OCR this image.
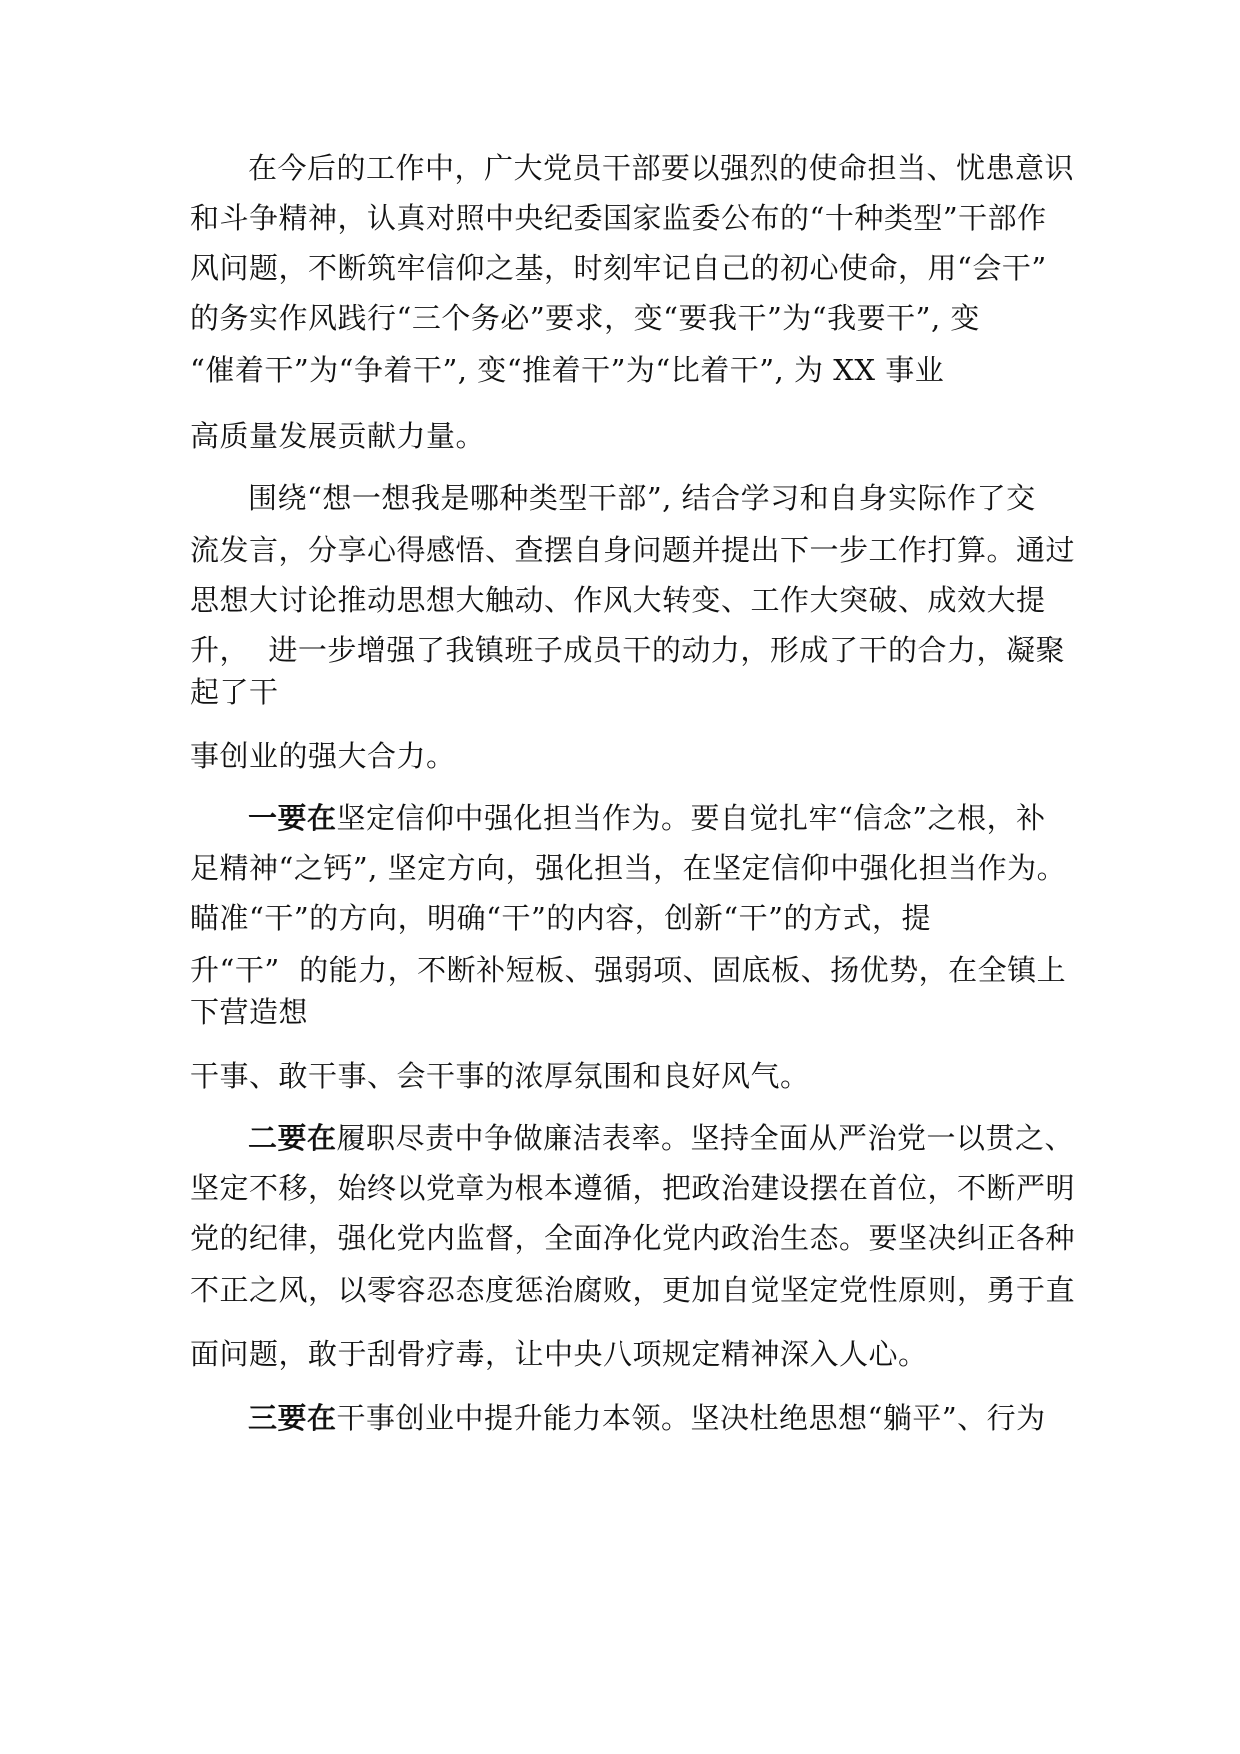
在今后的工作中，广大党员干部要以强烈的使命担当、忧患意识
和斗争精神，认真对照中央纪委国家监委公布的“十种类型”干部作
风问题，不断筑牢信仰之基，时刻牢记自己的初心使命，用“会干”
的务实作风践行“三个务必”要求，变“要我干”为“我要干”, 变
“催着干”为“争着干”, 变“推着干”为“比着干”, 为 XX 事业
高质量发展贡献力量。
围绕“想一想我是哪种类型干部”, 结合学习和自身实际作了交
流发言，分享心得感悟、查摆自身问题并提出下一步工作打算。通过
思想大讨论推动思想大触动、作风大转变、工作大突破、成效大提
升，  进一步增强了我镇班子成员干的动力，形成了干的合力，凝聚
起了干
事创业的强大合力。
一要在坚定信仰中强化担当作为。要自觉扎牢“信念”之根，补
足精神“之钙”, 坚定方向，强化担当，在坚定信仰中强化担当作为。
瞄准“干”的方向，明确“干”的内容，创新“干”的方式，提
升“干”  的能力，不断补短板、强弱项、固底板、扬优势，在全镇上
下营造想
干事、敢干事、会干事的浓厚氛围和良好风气。
二要在履职尽责中争做廉洁表率。坚持全面从严治党一以贯之、
坚定不移，始终以党章为根本遵循，把政治建设摆在首位，不断严明
党的纪律，强化党内监督，全面净化党内政治生态。要坚决纠正各种
不正之风，以零容忍态度惩治腐败，更加自觉坚定党性原则，勇于直
面问题，敢于刮骨疗毒，让中央八项规定精神深入人心。
三要在干事创业中提升能力本领。坚决杜绝思想“躺平”、行为
